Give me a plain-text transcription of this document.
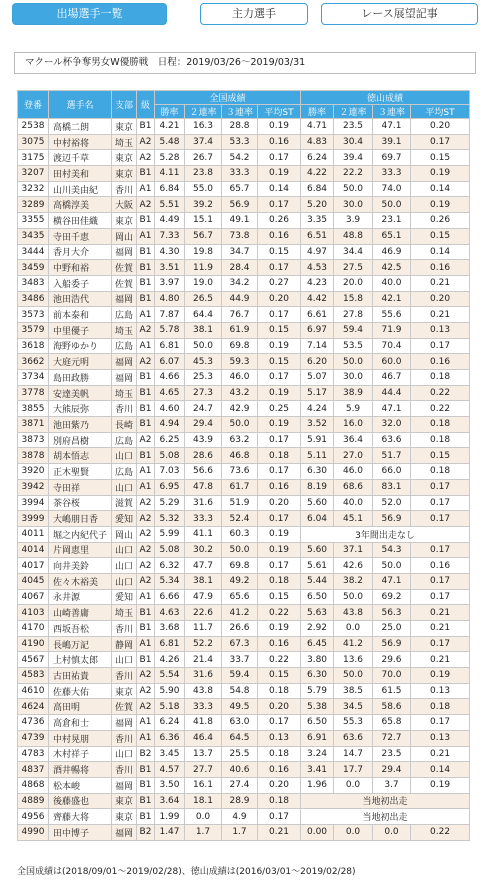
出場選手一覧	主力選手	レース展望記事
マクール杯争奪男女W優勝戦　日程：2019/03/26〜2019/03/31
登番	選手名	支部	級	全国成績				徳山成績			
				勝率	２連率	３連率	平均ST	勝率	２連率	３連率	平均ST
2538	高橋二朗	東京	B1	4.21	16.3	28.8	0.19	4.71	23.5	47.1	0.20
3075	中村裕将	埼玉	A2	5.48	37.4	53.3	0.16	4.83	30.4	39.1	0.17
3175	渡辺千草	東京	A2	5.28	26.7	54.2	0.17	6.24	39.4	69.7	0.15
3207	田村美和	東京	B1	4.11	23.8	33.3	0.19	4.22	22.2	33.3	0.19
3232	山川美由紀	香川	A1	6.84	55.0	65.7	0.14	6.84	50.0	74.0	0.14
3289	高橋淳美	大阪	A2	5.51	39.2	56.9	0.17	5.20	30.0	50.0	0.19
3355	横谷田佳織	東京	B1	4.49	15.1	49.1	0.26	3.35	3.9	23.1	0.26
3435	寺田千恵	岡山	A1	7.33	56.7	73.8	0.16	6.51	48.8	65.1	0.15
3444	香月大介	福岡	B1	4.30	19.8	34.7	0.15	4.97	34.4	46.9	0.14
3459	中野和裕	佐賀	B1	3.51	11.9	28.4	0.17	4.53	27.5	42.5	0.16
3483	入船委子	佐賀	B1	3.97	19.0	34.2	0.27	4.23	20.0	40.0	0.21
3486	池田浩代	福岡	B1	4.80	26.5	44.9	0.20	4.42	15.8	42.1	0.20
3573	前本泰和	広島	A1	7.87	64.4	76.7	0.17	6.61	27.8	55.6	0.21
3579	中里優子	埼玉	A2	5.78	38.1	61.9	0.15	6.97	59.4	71.9	0.13
3618	海野ゆかり	広島	A1	6.81	50.0	69.8	0.19	7.14	53.5	70.4	0.17
3662	大庭元明	福岡	A2	6.07	45.3	59.3	0.15	6.20	50.0	60.0	0.16
3734	島田政勝	福岡	B1	4.66	25.3	46.0	0.17	5.07	30.0	46.7	0.18
3778	安達美帆	埼玉	B1	4.65	27.3	43.2	0.19	5.17	38.9	44.4	0.22
3855	大熊辰弥	香川	B1	4.60	24.7	42.9	0.25	4.24	5.9	47.1	0.22
3871	池田紫乃	長崎	B1	4.94	29.4	50.0	0.19	3.52	16.0	32.0	0.18
3873	別府昌樹	広島	A2	6.25	43.9	63.2	0.17	5.91	36.4	63.6	0.18
3878	胡本悟志	山口	B1	5.08	28.6	46.8	0.18	5.11	27.0	51.7	0.15
3920	正木聖賢	広島	A1	7.03	56.6	73.6	0.17	6.30	46.0	66.0	0.18
3942	寺田祥	山口	A1	6.95	47.8	61.7	0.16	8.19	68.6	83.1	0.17
3994	茶谷桜	滋賀	A2	5.29	31.6	51.9	0.20	5.60	40.0	52.0	0.17
3999	大嶋朋日香	愛知	A2	5.32	33.3	52.4	0.17	6.04	45.1	56.9	0.17
4011	堀之内紀代子	岡山	A2	5.99	41.1	60.3	0.19	3年間出走なし			
4014	片岡恵里	山口	A2	5.08	30.2	50.0	0.19	5.60	37.1	54.3	0.17
4017	向井美鈴	山口	A2	6.32	47.7	69.8	0.17	5.61	42.6	50.0	0.16
4045	佐々木裕美	山口	A2	5.34	38.1	49.2	0.18	5.44	38.2	47.1	0.17
4067	永井源	愛知	A1	6.66	47.9	65.6	0.15	6.50	50.0	69.2	0.17
4103	山崎善庸	埼玉	B1	4.63	22.6	41.2	0.22	5.63	43.8	56.3	0.21
4170	西坂吾松	香川	B1	3.68	11.7	26.6	0.19	2.92	0.0	25.0	0.21
4190	長嶋万記	静岡	A1	6.81	52.2	67.3	0.16	6.45	41.2	56.9	0.17
4567	上村慎太郎	山口	B1	4.26	21.4	33.7	0.22	3.80	13.6	29.6	0.21
4583	古田祐貴	香川	A2	5.54	31.6	59.4	0.15	6.30	50.0	70.0	0.19
4610	佐藤大佑	東京	A2	5.90	43.8	54.8	0.18	5.79	38.5	61.5	0.13
4624	高田明	佐賀	A2	5.18	33.3	49.5	0.20	5.38	34.5	58.6	0.18
4736	高倉和士	福岡	A1	6.24	41.8	63.0	0.17	6.50	55.3	65.8	0.17
4739	中村晃朋	香川	A1	6.36	46.4	64.5	0.13	6.91	63.6	72.7	0.13
4783	木村祥子	山口	B2	3.45	13.7	25.5	0.18	3.24	14.7	23.5	0.21
4837	酒井暢将	香川	B1	4.57	27.7	40.6	0.16	3.41	17.7	29.4	0.14
4868	松本峻	福岡	B1	3.50	16.1	27.4	0.20	1.96	0.0	3.7	0.19
4889	後藤盛也	東京	B1	3.64	18.1	28.9	0.18	当地初出走			
4956	齊藤大将	東京	B1	1.99	0.0	4.9	0.17	当地初出走			
4990	田中博子	福岡	B2	1.47	1.7	1.7	0.21	0.00	0.0	0.0	0.22
全国成績は(2018/09/01〜2019/02/28)、徳山成績は(2016/03/01〜2019/02/28)
